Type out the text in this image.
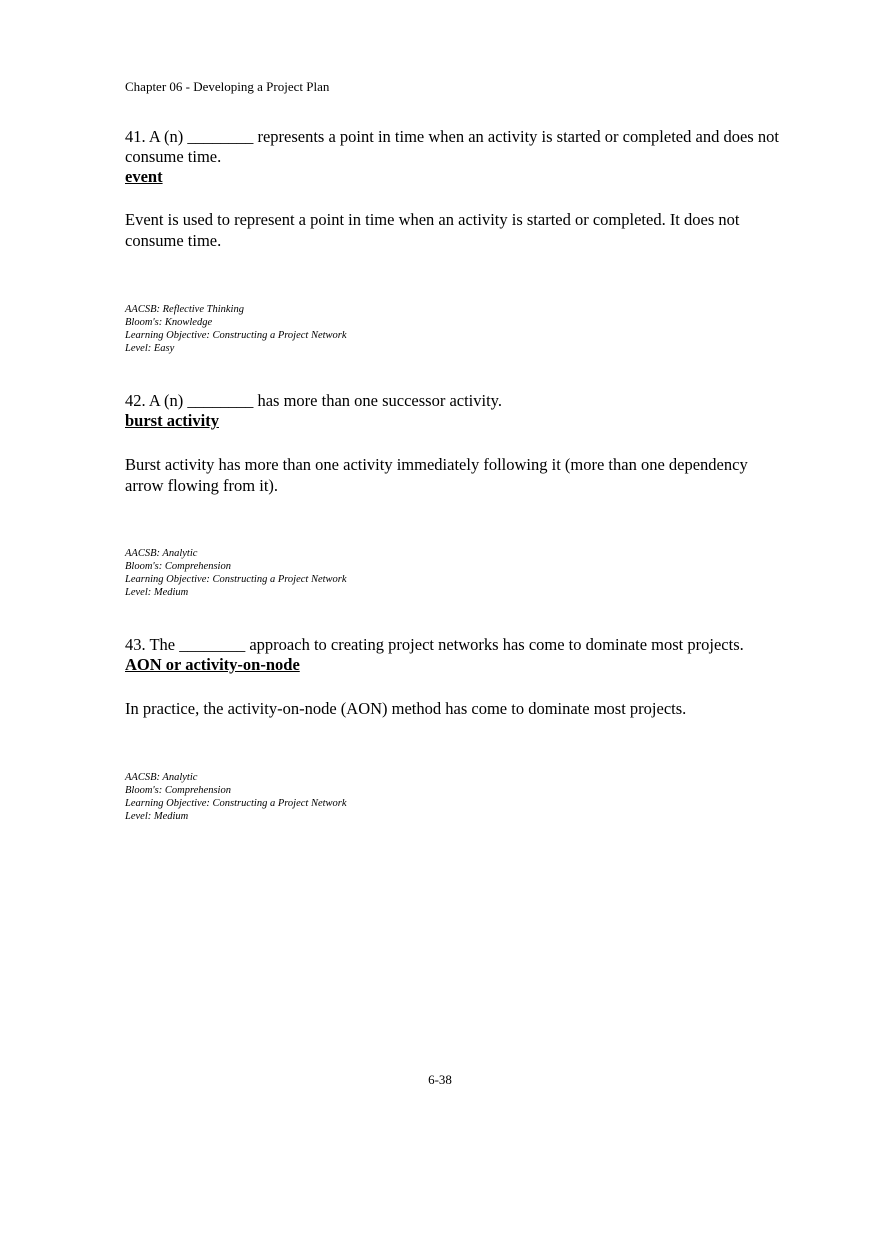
Chapter 06 - Developing a Project Plan

41. A (n) ________ represents a point in time when an activity is started or completed and does not consume time.

event

Event is used to represent a point in time when an activity is started or completed. It does not consume time.

AACSB: Reflective Thinking
Bloom's: Knowledge
Learning Objective: Constructing a Project Network
Level: Easy

42. A (n) ________ has more than one successor activity.

burst activity

Burst activity has more than one activity immediately following it (more than one dependency arrow flowing from it).

AACSB: Analytic
Bloom's: Comprehension
Learning Objective: Constructing a Project Network
Level: Medium

43. The ________ approach to creating project networks has come to dominate most projects.

AON or activity-on-node

In practice, the activity-on-node (AON) method has come to dominate most projects.

AACSB: Analytic
Bloom's: Comprehension
Learning Objective: Constructing a Project Network
Level: Medium
6-38
